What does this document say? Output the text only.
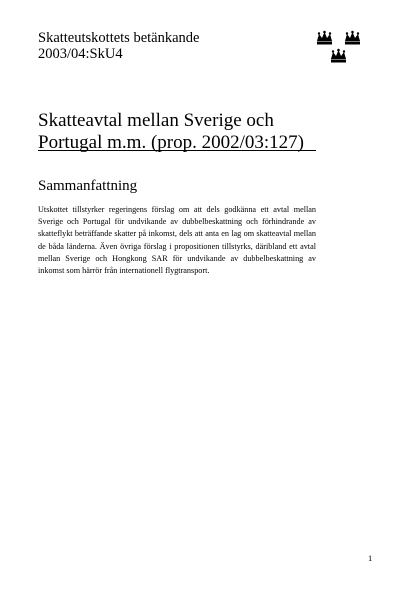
Skatteutskottets betänkande
2003/04:SkU4
Skatteavtal mellan Sverige och Portugal m.m. (prop. 2002/03:127)
Sammanfattning

Utskottet tillstyrker regeringens förslag om att dels godkänna ett avtal mellan Sverige och Portugal för undvikande av dubbelbeskattning och förhindrande av skatteflykt beträffande skatter på inkomst, dels att anta en lag om skatteavtal mellan de båda länderna. Även övriga förslag i propositionen tillstyrks, däribland ett avtal mellan Sverige och Hongkong SAR för undvikande av dubbelbeskattning av inkomst som härrör från internationell flygtransport.

1
